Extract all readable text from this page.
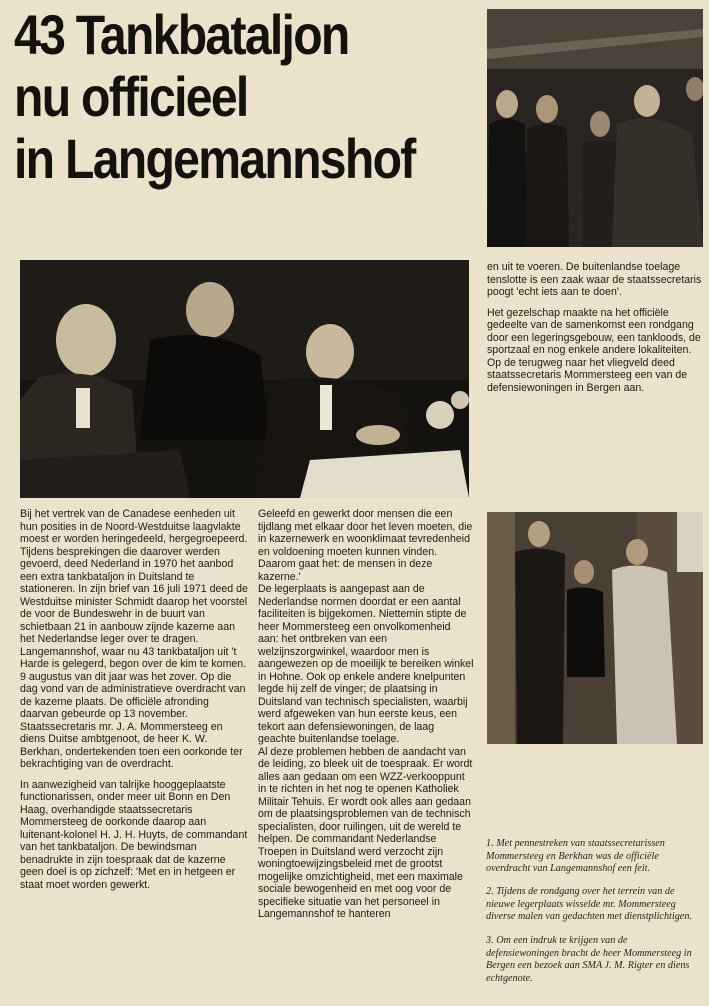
43 Tankbataljon
nu officieel
in Langemannshof

Bij het vertrek van de Canadese eenheden uit hun posities in de Noord-Westduitse laagvlakte moest er worden heringedeeld, hergegroepeerd. Tijdens besprekingen die daarover werden gevoerd, deed Nederland in 1970 het aanbod een extra tankbataljon in Duitsland te stationeren. In zijn brief van 16 juli 1971 deed de Westduitse minister Schmidt daarop het voorstel de voor de Bundeswehr in de buurt van schietbaan 21 in aanbouw zijnde kazerne aan het Nederlandse leger over te dragen. Langemannshof, waar nu 43 tankbataljon uit 't Harde is gelegerd, begon over de kim te komen.

9 augustus van dit jaar was het zover. Op die dag vond van de administratieve overdracht van de kazerne plaats. De officiële afronding daarvan gebeurde op 13 november. Staatssecretaris mr. J. A. Mommersteeg en diens Duitse ambtgenoot, de heer K. W. Berkhan, ondertekenden toen een oorkonde ter bekrachtiging van de overdracht.

In aanwezigheid van talrijke hooggeplaatste functionarissen, onder meer uit Bonn en Den Haag, overhandigde staatssecretaris Mommersteeg de oorkonde daarop aan luitenant-kolonel H. J. H. Huyts, de commandant van het tankbataljon. De bewindsman benadrukte in zijn toespraak dat de kazerne geen doel is op zichzelf: 'Met en in hetgeen er staat moet worden gewerkt.

Geleefd en gewerkt door mensen die een tijdlang met elkaar door het leven moeten, die in kazernewerk en woonklimaat tevredenheid en voldoening moeten kunnen vinden. Daarom gaat het: de mensen in deze kazerne.'

De legerplaats is aangepast aan de Nederlandse normen doordat er een aantal faciliteiten is bijgekomen. Niettemin stipte de heer Mommersteeg een onvolkomenheid aan: het ontbreken van een welzijnszorgwinkel, waardoor men is aangewezen op de moeilijk te bereiken winkel in Hohne. Ook op enkele andere knelpunten legde hij zelf de vinger; de plaatsing in Duitsland van technisch specialisten, waarbij werd afgeweken van hun eerste keus, een tekort aan defensiewoningen, de laag geachte buitenlandse toelage.

Al deze problemen hebben de aandacht van de leiding, zo bleek uit de toespraak. Er wordt alles aan gedaan om een WZZ-verkooppunt in te richten in het nog te openen Katholiek Militair Tehuis. Er wordt ook alles aan gedaan om de plaatsingsproblemen van de technisch specialisten, door ruilingen, uit de wereld te helpen. De commandant Nederlandse Troepen in Duitsland werd verzocht zijn woningtoewijzingsbeleid met de grootst mogelijke omzichtigheid, met een maximale sociale bewogenheid en met oog voor de specifieke situatie van het personeel in Langemannshof te hanteren

en uit te voeren. De buitenlandse toelage tenslotte is een zaak waar de staatssecretaris poogt 'echt iets aan te doen'.

Het gezelschap maakte na het officiële gedeelte van de samenkomst een rondgang door een legeringsgebouw, een tankloods, de sportzaal en nog enkele andere lokaliteiten. Op de terugweg naar het vliegveld deed staatssecretaris Mommersteeg een van de defensiewoningen in Bergen aan.

1. Met pennestreken van staatssecretarissen Mommersteeg en Berkhan was de officiële overdracht van Langemannshof een feit.
2. Tijdens de rondgang over het terrein van de nieuwe legerplaats wisselde mr. Mommersteeg diverse malen van gedachten met dienstplichtigen.
3. Om een indruk te krijgen van de defensiewoningen bracht de heer Mommersteeg in Bergen een bezoek aan SMA J. M. Rigter en diens echtgenote.
